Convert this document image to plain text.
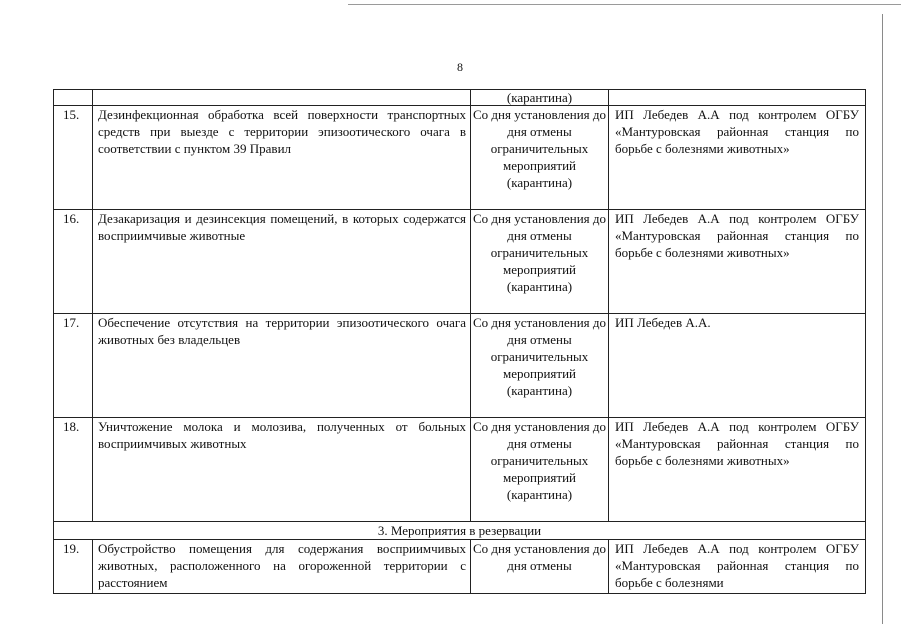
8
		(карантина)	
15.	Дезинфекционная обработка всей поверхности транспортных средств при выезде с территории эпизоотического очага в соответствии с пунктом 39 Правил	Со дня установления до дня отмены ограничительных мероприятий (карантина)	ИП Лебедев А.А под контролем ОГБУ «Мантуровская районная станция по борьбе с болезнями животных»
16.	Дезакаризация и дезинсекция помещений, в которых содержатся восприимчивые животные	Со дня установления до дня отмены ограничительных мероприятий (карантина)	ИП Лебедев А.А под контролем ОГБУ «Мантуровская районная станция по борьбе с болезнями животных»
17.	Обеспечение отсутствия на территории эпизоотического очага животных без владельцев	Со дня установления до дня отмены ограничительных мероприятий (карантина)	ИП Лебедев А.А.
18.	Уничтожение молока и молозива, полученных от больных восприимчивых животных	Со дня установления до дня отмены ограничительных мероприятий (карантина)	ИП Лебедев А.А под контролем ОГБУ «Мантуровская районная станция по борьбе с болезнями животных»
3. Мероприятия в резервации			
19.	Обустройство помещения для содержания восприимчивых животных, расположенного на огороженной территории с расстоянием	Со дня установления до дня отмены	ИП Лебедев А.А под контролем ОГБУ «Мантуровская районная станция по борьбе с болезнями
